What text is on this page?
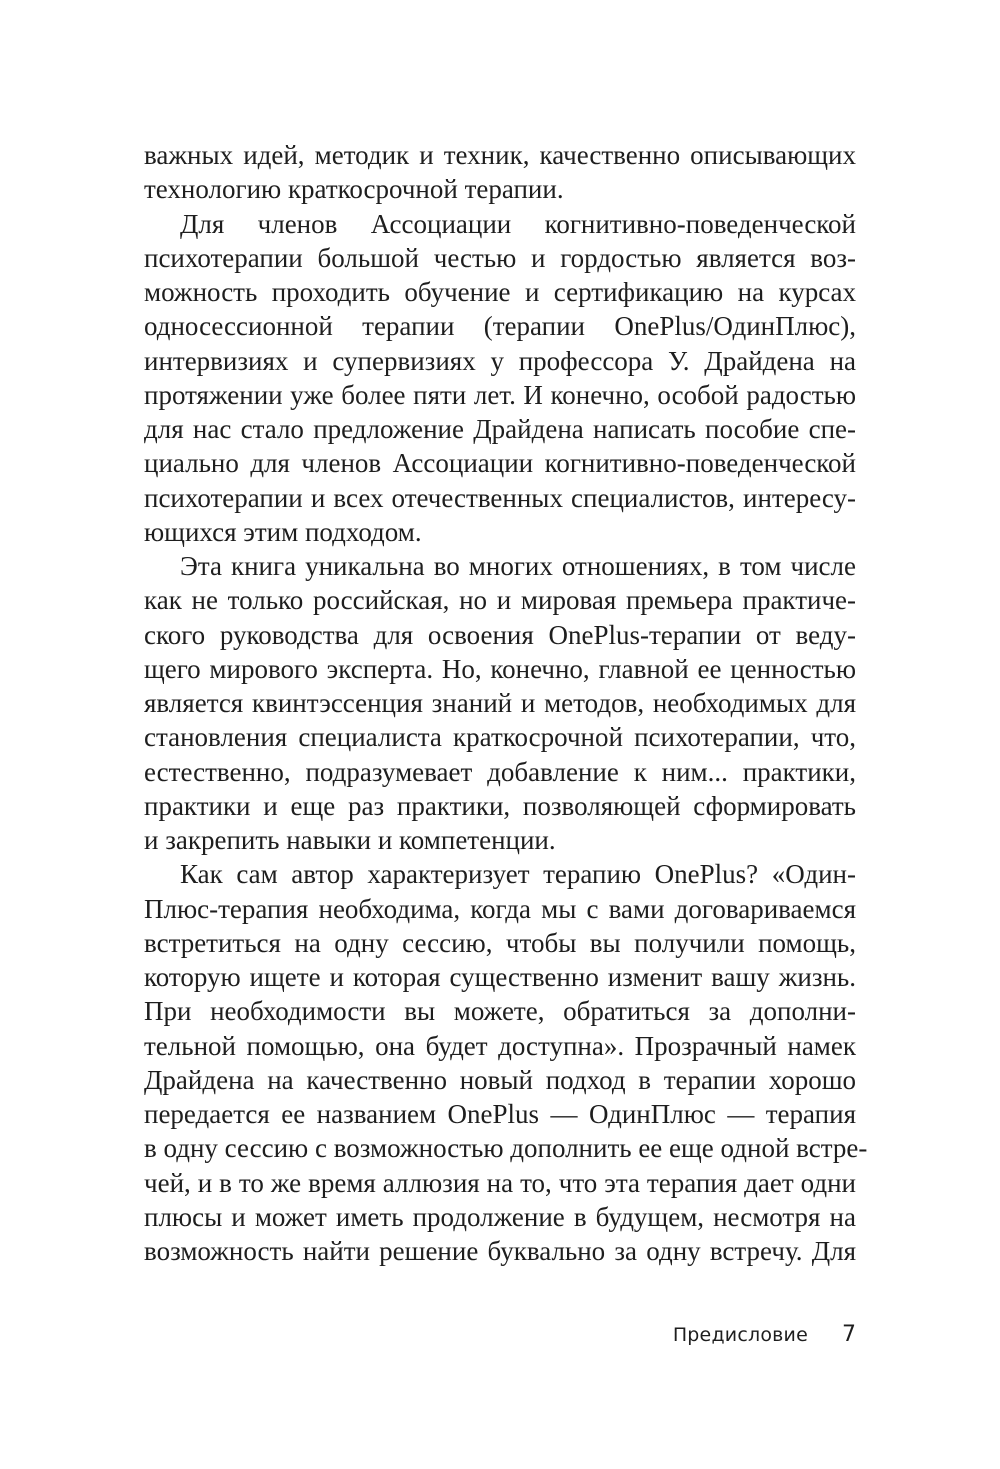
важных идей, методик и техник, качественно описывающих
технологию краткосрочной терапии.
Для членов Ассоциации когнитивно-поведенческой
психотерапии большой честью и гордостью является воз-
можность проходить обучение и сертификацию на курсах
односессионной терапии (терапии OnePlus/ОдинПлюс),
интервизиях и супервизиях у профессора У. Драйдена на
протяжении уже более пяти лет. И конечно, особой радостью
для нас стало предложение Драйдена написать пособие спе-
циально для членов Ассоциации когнитивно-поведенческой
психотерапии и всех отечественных специалистов, интересу-
ющихся этим подходом.
Эта книга уникальна во многих отношениях, в том числе
как не только российская, но и мировая премьера практиче-
ского руководства для освоения OnePlus-терапии от веду-
щего мирового эксперта. Но, конечно, главной ее ценностью
является квинтэссенция знаний и методов, необходимых для
становления специалиста краткосрочной психотерапии, что,
естественно, подразумевает добавление к ним... практики,
практики и еще раз практики, позволяющей сформировать
и закрепить навыки и компетенции.
Как сам автор характеризует терапию OnePlus? «Один-
Плюс-терапия необходима, когда мы с вами договариваемся
встретиться на одну сессию, чтобы вы получили помощь,
которую ищете и которая существенно изменит вашу жизнь.
При необходимости вы можете, обратиться за дополни-
тельной помощью, она будет доступна». Прозрачный намек
Драйдена на качественно новый подход в терапии хорошо
передается ее названием OnePlus — ОдинПлюс — терапия
в одну сессию с возможностью дополнить ее еще одной встре-
чей, и в то же время аллюзия на то, что эта терапия дает одни
плюсы и может иметь продолжение в будущем, несмотря на
возможность найти решение буквально за одну встречу. Для
Предисловие 7
